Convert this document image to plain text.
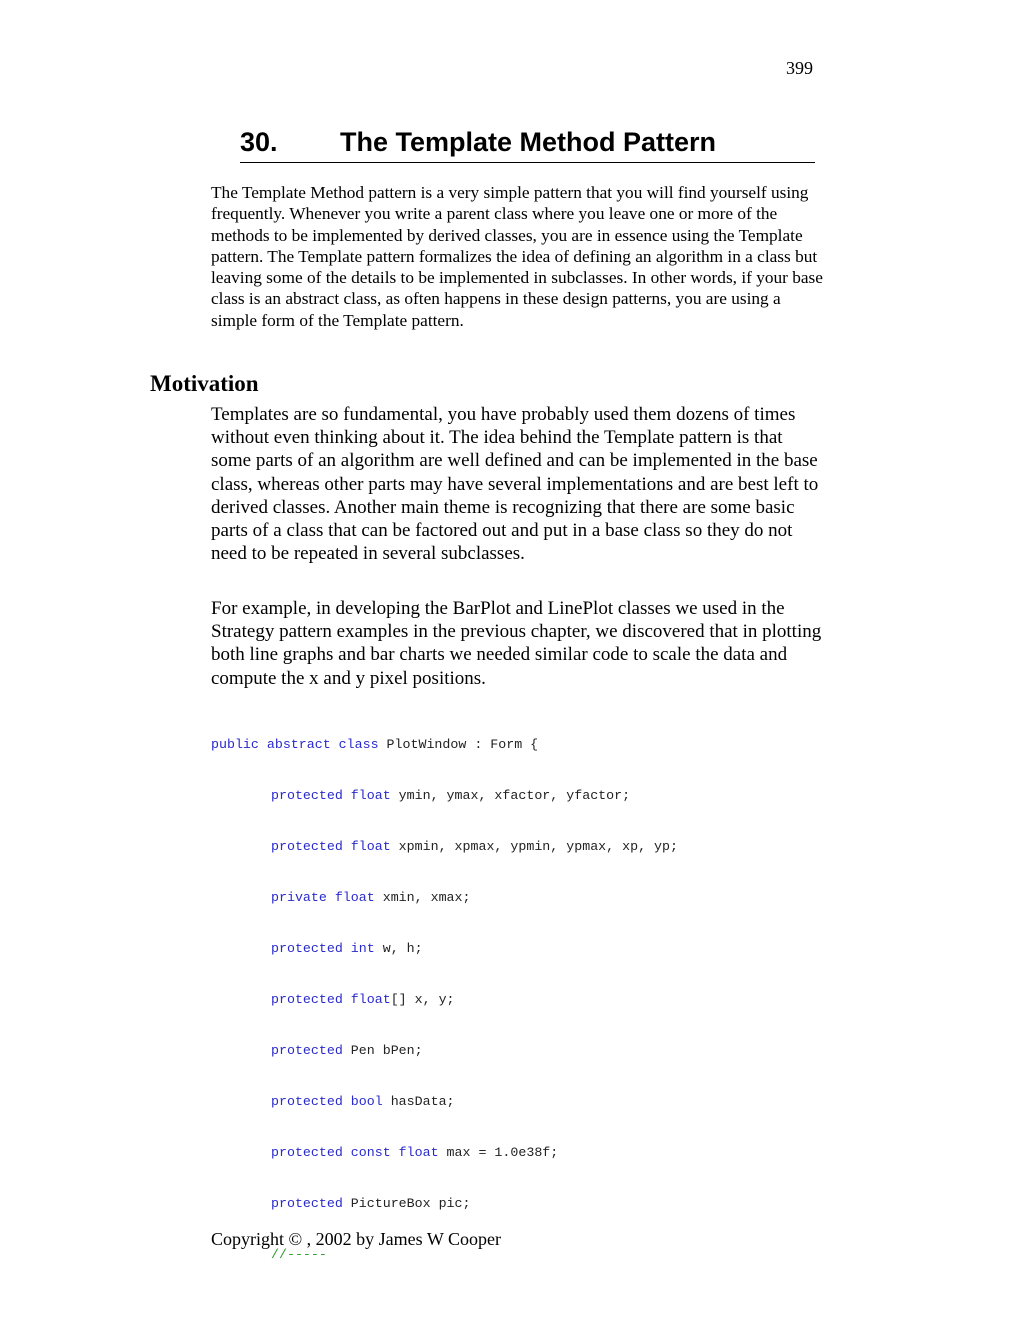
399
30. The Template Method Pattern

The Template Method pattern is a very simple pattern that you will find yourself using frequently. Whenever you write a parent class where you leave one or more of the methods to be implemented by derived classes, you are in essence using the Template pattern. The Template pattern formalizes the idea of defining an algorithm in a class but leaving some of the details to be implemented in subclasses. In other words, if your base class is an abstract class, as often happens in these design patterns, you are using a simple form of the Template pattern.

Motivation

Templates are so fundamental, you have probably used them dozens of times without even thinking about it. The idea behind the Template pattern is that some parts of an algorithm are well defined and can be implemented in the base class, whereas other parts may have several implementations and are best left to derived classes. Another main theme is recognizing that there are some basic parts of a class that can be factored out and put in a base class so they do not need to be repeated in several subclasses.

For example, in developing the BarPlot and LinePlot classes we used in the Strategy pattern examples in the previous chapter, we discovered that in plotting both line graphs and bar charts we needed similar code to scale the data and compute the x and y pixel positions.

public abstract class PlotWindow : Form {

protected float ymin, ymax, xfactor, yfactor;

protected float xpmin, xpmax, ypmin, ypmax, xp, yp;

private float xmin, xmax;

protected int w, h;

protected float[] x, y;

protected Pen bPen;

protected bool hasData;

protected const float max = 1.0e38f;

protected PictureBox pic;

//-----

Copyright © , 2002 by James W Cooper
